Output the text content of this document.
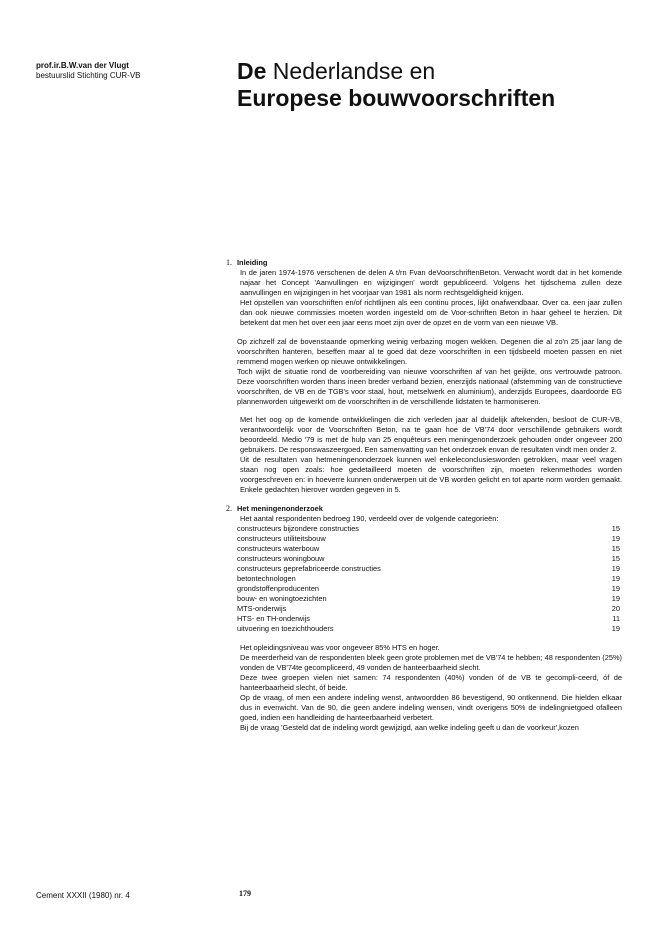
prof.ir.B.W.van der Vlugt
bestuurslid Stichting CUR-VB	De Nederlandse en
Europese bouwvoorschriften
1. Inleiding
In de jaren 1974-1976 verschenen de delen A t/rn Fvan deVoorschriftenBeton. Verwacht wordt dat in het komende najaar het Concept 'Aanvullingen en wijzigingen' wordt gepubliceerd. Volgens het tijdschema zullen deze aanvullingen en wijzigingen in het voorjaar van 1981 als norm rechtsgeldigheid krijgen.

Het opstellen van voorschriften en/of richtlijnen als een continu proces, lijkt onafwendbaar. Over ca. een jaar zullen dan ook nieuwe commissies moeten worden ingesteld om de Voor-schriften Beton in haar geheel te herzien. Dit betekent dat men het over een jaar eens moet zijn over de opzet en de vorm van een nieuwe VB.

Op zichzelf zal de bovenstaande opmerking weinig verbazing mogen wekken. Degenen die al zo'n 25 jaar lang de voorschriften hanteren, beseffen maar al te goed dat deze voorschriften in een tijdsbeeld moeten passen en niet remmend mogen werken op nieuwe ontwikkelingen.

Toch wijkt de situatie rond de voorbereiding van nieuwe voorschriften af van het geijkte, ons vertrouwde patroon. Deze voorschriften worden thans ineen breder verband bezien, enerzijds nationaal (afstemming van de constructieve voorschriften, de VB en de TGB's voor staal, hout, metselwerk en aluminium), anderzijds Europees, daardoorde EG plannenworden uitgewerkt om de voorschriften in de verschillende lidstaten te harmoniseren.

Met het oog op de komende ontwikkelingen die zich verleden jaar al duidelijk aftekenden, besloot de CUR-VB, verantwoordelijk voor de Voorschriften Beton, na te gaan hoe de VB'74 door verschillende gebruikers wordt beoordeeld. Medio '79 is met de hulp van 25 enquêteurs een meningenonderzoek gehouden onder ongeveer 200 gebruikers. De responswaszeergoed. Een samenvatting van het onderzoek envan de resultaten vindt men onder 2.

Uit de resultaten van hetmeningenonderzoek kunnen wel enkeleconclusiesworden getrokken, maar veel vragen staan nog open zoals: hoe gedetailleerd moeten de voorschriften zijn, moeten rekenmethodes worden voorgeschreven en: in hoeverre kunnen onderwerpen uit de VB worden gelicht en tot aparte norm worden gemaakt. Enkele gedachten hierover worden gegeven in 5.

2. Het meningenonderzoek
Het aantal respondenten bedroeg 190, verdeeld over de volgende categorieën:
constructeurs bijzondere constructies	15
constructeurs utiliteitsbouw	19
constructeurs waterbouw	15
constructeurs woningbouw	15
constructeurs geprefabriceerde constructies	19
betontechnologen	19
grondstoffenproducenten	19
bouw- en woningtoezichten	19
MTS-onderwijs	20
HTS- en TH-onderwijs	11
uitvoering en toezichthouders	19
Het opleidingsniveau was voor ongeveer 85% HTS en hoger.
De meerderheid van de respondenten bleek geen grote problemen met de VB'74 te hebben; 48 respondenten (25%) vonden de VB'74te gecompliceerd, 49 vonden de hanteerbaarheid slecht.
Deze twee groepen vielen niet samen: 74 respondenten (40%) vonden óf de VB te gecompli-ceerd, óf de hanteerbaarheid slecht, óf beide.
Op de vraag, of men een andere indeling wenst, antwoordden 86 bevestigend, 90 ontkennend. Die hielden elkaar dus in evenwicht. Van de 90, die geen andere indeling wensen, vindt overigens 50% de indelingnietgoed ofalleen goed, indien een handleiding de hanteerbaarheid verbetert.
Bij de vraag 'Gesteld dat de indeling wordt gewijzigd, aan welke indeling geeft u dan de voorkeur',kozen
Cement XXXII (1980) nr. 4	179
